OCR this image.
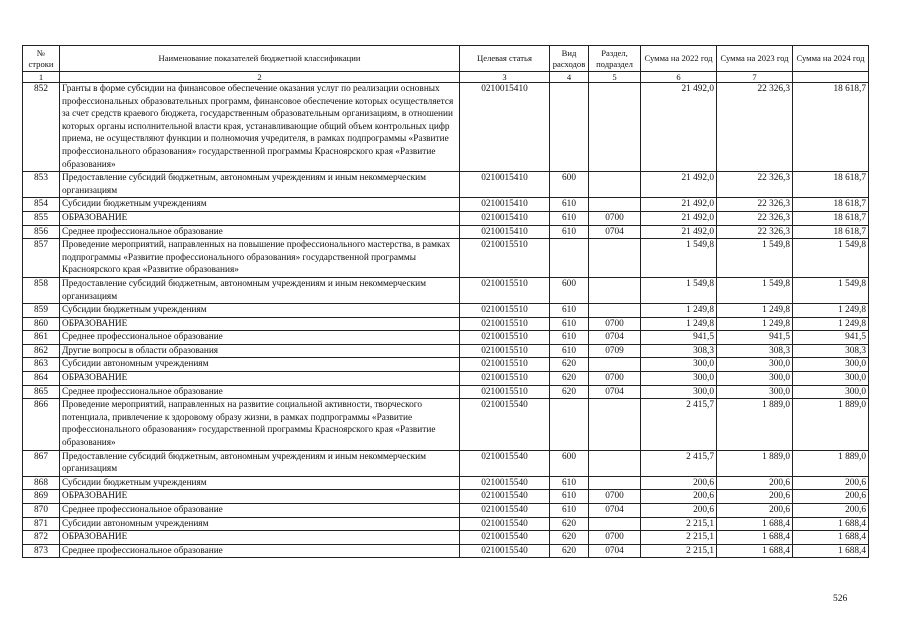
№ строки	Наименование показателей бюджетной классификации	Целевая статья	Вид расходов	Раздел, подраздел	Сумма на 2022 год	Сумма на 2023 год	Сумма на 2024 год
1	2	3	4	5	6	7	
852	Гранты в форме субсидии на финансовое обеспечение оказания услуг по реализации основных профессиональных образовательных программ, финансовое обеспечение которых осуществляется за счет средств краевого бюджета, государственным образовательным организациям, в отношении которых органы исполнительной власти края, устанавливающие общий объем контрольных цифр приема, не осуществляют функции и полномочия учредителя, в рамках подпрограммы «Развитие профессионального образования» государственной программы Красноярского края «Развитие образования»	0210015410			21 492,0	22 326,3	18 618,7
853	Предоставление субсидий бюджетным, автономным учреждениям и иным некоммерческим организациям	0210015410	600		21 492,0	22 326,3	18 618,7
854	Субсидии бюджетным учреждениям	0210015410	610		21 492,0	22 326,3	18 618,7
855	ОБРАЗОВАНИЕ	0210015410	610	0700	21 492,0	22 326,3	18 618,7
856	Среднее профессиональное образование	0210015410	610	0704	21 492,0	22 326,3	18 618,7
857	Проведение мероприятий, направленных на повышение профессионального мастерства, в рамках подпрограммы «Развитие профессионального образования» государственной программы Красноярского края «Развитие образования»	0210015510			1 549,8	1 549,8	1 549,8
858	Предоставление субсидий бюджетным, автономным учреждениям и иным некоммерческим организациям	0210015510	600		1 549,8	1 549,8	1 549,8
859	Субсидии бюджетным учреждениям	0210015510	610		1 249,8	1 249,8	1 249,8
860	ОБРАЗОВАНИЕ	0210015510	610	0700	1 249,8	1 249,8	1 249,8
861	Среднее профессиональное образование	0210015510	610	0704	941,5	941,5	941,5
862	Другие вопросы в области образования	0210015510	610	0709	308,3	308,3	308,3
863	Субсидии автономным учреждениям	0210015510	620		300,0	300,0	300,0
864	ОБРАЗОВАНИЕ	0210015510	620	0700	300,0	300,0	300,0
865	Среднее профессиональное образование	0210015510	620	0704	300,0	300,0	300,0
866	Проведение мероприятий, направленных на развитие социальной активности, творческого потенциала, привлечение к здоровому образу жизни, в рамках подпрограммы «Развитие профессионального образования» государственной программы Красноярского края «Развитие образования»	0210015540			2 415,7	1 889,0	1 889,0
867	Предоставление субсидий бюджетным, автономным учреждениям и иным некоммерческим организациям	0210015540	600		2 415,7	1 889,0	1 889,0
868	Субсидии бюджетным учреждениям	0210015540	610		200,6	200,6	200,6
869	ОБРАЗОВАНИЕ	0210015540	610	0700	200,6	200,6	200,6
870	Среднее профессиональное образование	0210015540	610	0704	200,6	200,6	200,6
871	Субсидии автономным учреждениям	0210015540	620		2 215,1	1 688,4	1 688,4
872	ОБРАЗОВАНИЕ	0210015540	620	0700	2 215,1	1 688,4	1 688,4
873	Среднее профессиональное образование	0210015540	620	0704	2 215,1	1 688,4	1 688,4
526
